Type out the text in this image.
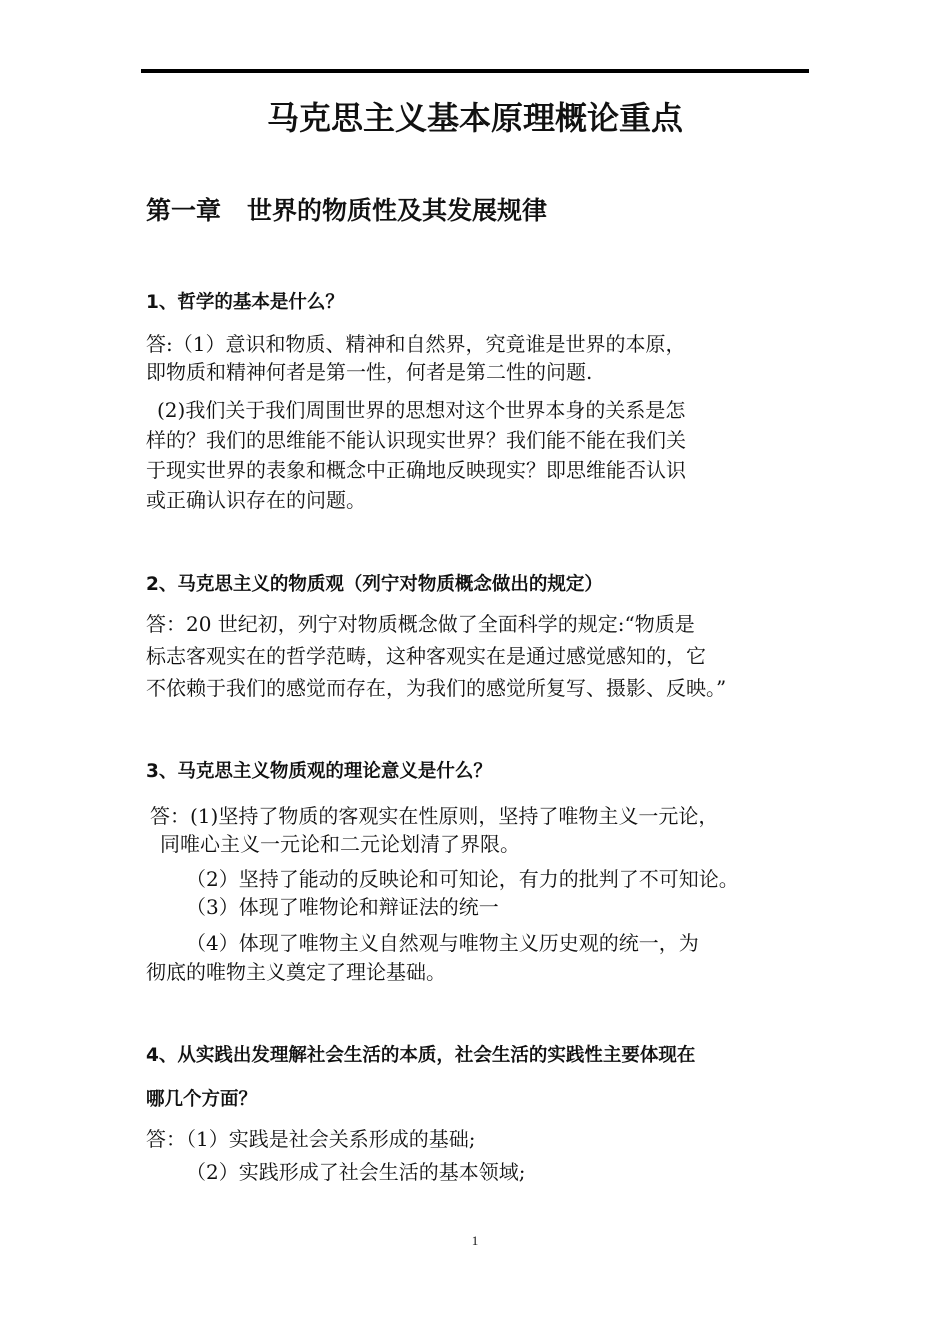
马克思主义基本原理概论重点
第一章 世界的物质性及其发展规律
1、哲学的基本是什么？
答:（1）意识和物质、精神和自然界，究竟谁是世界的本原，
即物质和精神何者是第一性，何者是第二性的问题.
(2)我们关于我们周围世界的思想对这个世界本身的关系是怎
样的？我们的思维能不能认识现实世界？我们能不能在我们关
于现实世界的表象和概念中正确地反映现实？即思维能否认识
或正确认识存在的问题。
2、马克思主义的物质观（列宁对物质概念做出的规定）
答：20 世纪初，列宁对物质概念做了全面科学的规定:“物质是
标志客观实在的哲学范畴，这种客观实在是通过感觉感知的，它
不依赖于我们的感觉而存在，为我们的感觉所复写、摄影、反映。”
3、马克思主义物质观的理论意义是什么？
答：(1)坚持了物质的客观实在性原则，坚持了唯物主义一元论，
同唯心主义一元论和二元论划清了界限。
（2）坚持了能动的反映论和可知论，有力的批判了不可知论。
（3）体现了唯物论和辩证法的统一
（4）体现了唯物主义自然观与唯物主义历史观的统一，为
彻底的唯物主义奠定了理论基础。
4、从实践出发理解社会生活的本质，社会生活的实践性主要体现在
哪几个方面？
答：（1）实践是社会关系形成的基础;
（2）实践形成了社会生活的基本领域;
1
